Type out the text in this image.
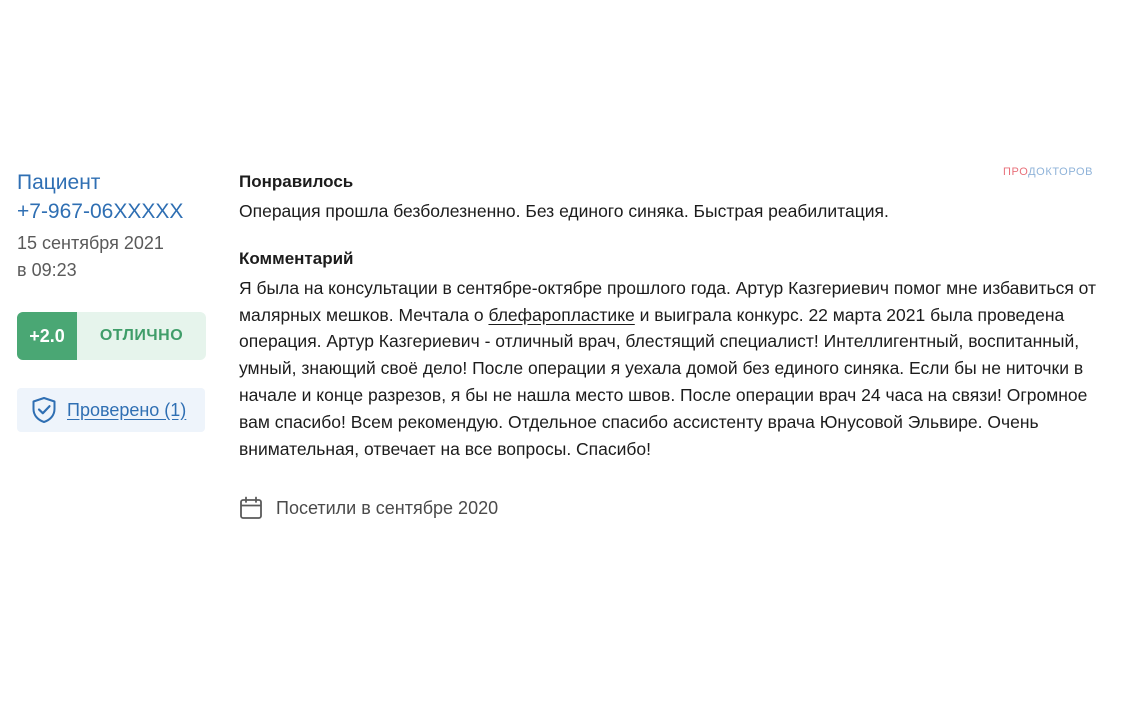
ПРОДОКТОРОВ
Пациент
+7-967-06XXXXX
15 сентября 2021
в 09:23
+2.0	ОТЛИЧНО
Проверено (1)
Понравилось
Операция прошла безболезненно. Без единого синяка. Быстрая реабилитация.
Комментарий
Я была на консультации в сентябре-октябре прошлого года. Артур Казгериевич помог мне избавиться от малярных мешков. Мечтала о блефаропластике и выиграла конкурс. 22 марта 2021 была проведена операция. Артур Казгериевич - отличный врач, блестящий специалист! Интеллигентный, воспитанный, умный, знающий своё дело! После операции я уехала домой без единого синяка. Если бы не ниточки в начале и конце разрезов, я бы не нашла место швов. После операции врач 24 часа на связи! Огромное вам спасибо! Всем рекомендую. Отдельное спасибо ассистенту врача Юнусовой Эльвире. Очень внимательная, отвечает на все вопросы. Спасибо!
Посетили в сентябре 2020
